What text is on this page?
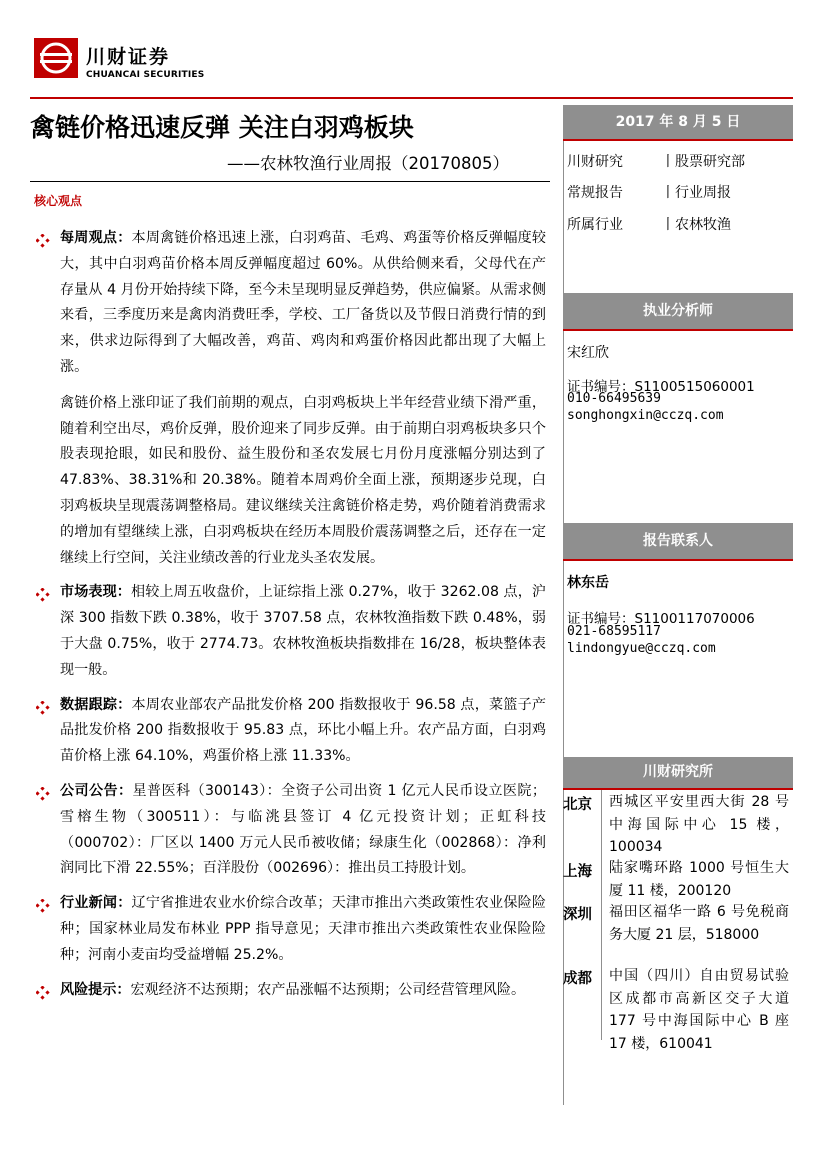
川财证券
CHUANCAI SECURITIES
禽链价格迅速反弹 关注白羽鸡板块
——农林牧渔行业周报（20170805）
核心观点
每周观点：本周禽链价格迅速上涨，白羽鸡苗、毛鸡、鸡蛋等价格反弹幅度较大，其中白羽鸡苗价格本周反弹幅度超过 60%。从供给侧来看，父母代在产存量从 4 月份开始持续下降，至今未呈现明显反弹趋势，供应偏紧。从需求侧来看，三季度历来是禽肉消费旺季，学校、工厂备货以及节假日消费行情的到来，供求边际得到了大幅改善，鸡苗、鸡肉和鸡蛋价格因此都出现了大幅上涨。

禽链价格上涨印证了我们前期的观点，白羽鸡板块上半年经营业绩下滑严重，随着利空出尽，鸡价反弹，股价迎来了同步反弹。由于前期白羽鸡板块多只个股表现抢眼，如民和股份、益生股份和圣农发展七月份月度涨幅分别达到了 47.83%、38.31%和 20.38%。随着本周鸡价全面上涨，预期逐步兑现，白羽鸡板块呈现震荡调整格局。建议继续关注禽链价格走势，鸡价随着消费需求的增加有望继续上涨，白羽鸡板块在经历本周股价震荡调整之后，还存在一定继续上行空间，关注业绩改善的行业龙头圣农发展。

市场表现：相较上周五收盘价，上证综指上涨 0.27%，收于 3262.08 点，沪深 300 指数下跌 0.38%，收于 3707.58 点，农林牧渔指数下跌 0.48%，弱于大盘 0.75%，收于 2774.73。农林牧渔板块指数排在 16/28，板块整体表现一般。
数据跟踪：本周农业部农产品批发价格 200 指数报收于 96.58 点，菜篮子产品批发价格 200 指数报收于 95.83 点，环比小幅上升。农产品方面，白羽鸡苗价格上涨 64.10%，鸡蛋价格上涨 11.33%。
公司公告：星普医科（300143）：全资子公司出资 1 亿元人民币设立医院；雪榕生物（300511）：与临洮县签订 4 亿元投资计划；正虹科技（000702）：厂区以 1400 万元人民币被收储；绿康生化（002868）：净利润同比下滑 22.55%；百洋股份（002696）：推出员工持股计划。
行业新闻：辽宁省推进农业水价综合改革；天津市推出六类政策性农业保险险种；国家林业局发布林业 PPP 指导意见；天津市推出六类政策性农业保险险种；河南小麦亩均受益增幅 25.2%。
风险提示：宏观经济不达预期；农产品涨幅不达预期；公司经营管理风险。
2017 年 8 月 5 日
川财研究	丨股票研究部
常规报告	丨行业周报
所属行业	丨农林牧渔
执业分析师
宋红欣
证书编号：S1100515060001
010-66495639
songhongxin@cczq.com
报告联系人
林东岳
证书编号：S1100117070006
021-68595117
lindongyue@cczq.com
川财研究所
北京 西城区平安里西大街 28 号中海国际中心 15 楼，100034
上海 陆家嘴环路 1000 号恒生大厦 11 楼，200120
深圳 福田区福华一路 6 号免税商务大厦 21 层，518000
成都 中国（四川）自由贸易试验区成都市高新区交子大道 177 号中海国际中心 B 座 17 楼，610041
